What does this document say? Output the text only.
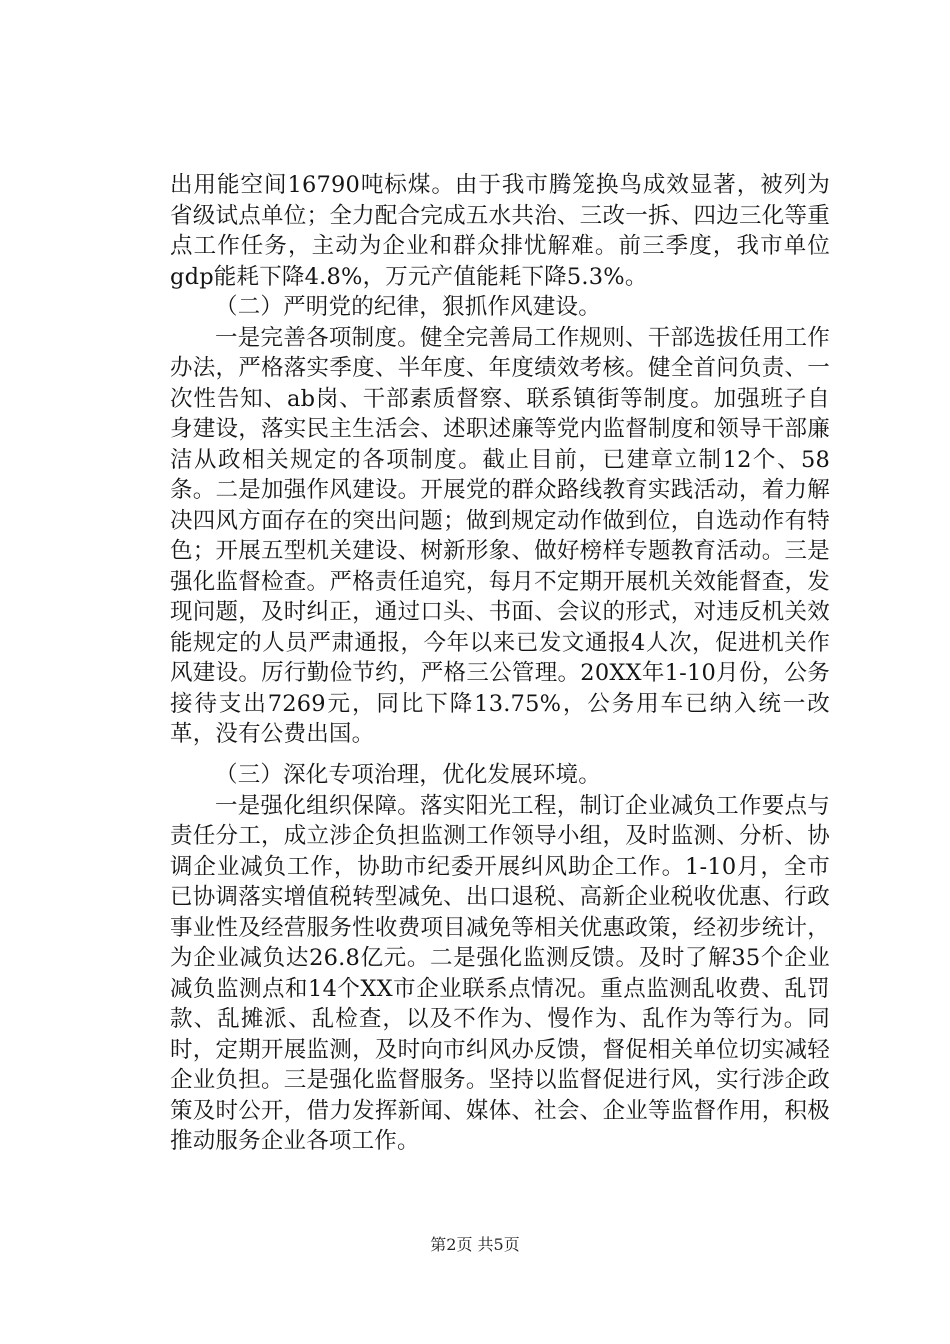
出用能空间16790吨标煤。由于我市腾笼换鸟成效显著，被列为省级试点单位；全力配合完成五水共治、三改一拆、四边三化等重点工作任务，主动为企业和群众排忧解难。前三季度，我市单位gdp能耗下降4.8%，万元产值能耗下降5.3%。

（二）严明党的纪律，狠抓作风建设。

一是完善各项制度。健全完善局工作规则、干部选拔任用工作办法，严格落实季度、半年度、年度绩效考核。健全首问负责、一次性告知、ab岗、干部素质督察、联系镇街等制度。加强班子自身建设，落实民主生活会、述职述廉等党内监督制度和领导干部廉洁从政相关规定的各项制度。截止目前，已建章立制12个、58条。二是加强作风建设。开展党的群众路线教育实践活动，着力解决四风方面存在的突出问题；做到规定动作做到位，自选动作有特色；开展五型机关建设、树新形象、做好榜样专题教育活动。三是强化监督检查。严格责任追究，每月不定期开展机关效能督查，发现问题，及时纠正，通过口头、书面、会议的形式，对违反机关效能规定的人员严肃通报，今年以来已发文通报4人次，促进机关作风建设。厉行勤俭节约，严格三公管理。20XX年1-10月份，公务接待支出7269元，同比下降13.75%，公务用车已纳入统一改革，没有公费出国。

（三）深化专项治理，优化发展环境。

一是强化组织保障。落实阳光工程，制订企业减负工作要点与责任分工，成立涉企负担监测工作领导小组，及时监测、分析、协调企业减负工作，协助市纪委开展纠风助企工作。1-10月，全市已协调落实增值税转型减免、出口退税、高新企业税收优惠、行政事业性及经营服务性收费项目减免等相关优惠政策，经初步统计，为企业减负达26.8亿元。二是强化监测反馈。及时了解35个企业减负监测点和14个XX市企业联系点情况。重点监测乱收费、乱罚款、乱摊派、乱检查，以及不作为、慢作为、乱作为等行为。同时，定期开展监测，及时向市纠风办反馈，督促相关单位切实减轻企业负担。三是强化监督服务。坚持以监督促进行风，实行涉企政策及时公开，借力发挥新闻、媒体、社会、企业等监督作用，积极推动服务企业各项工作。

第2页 共5页
